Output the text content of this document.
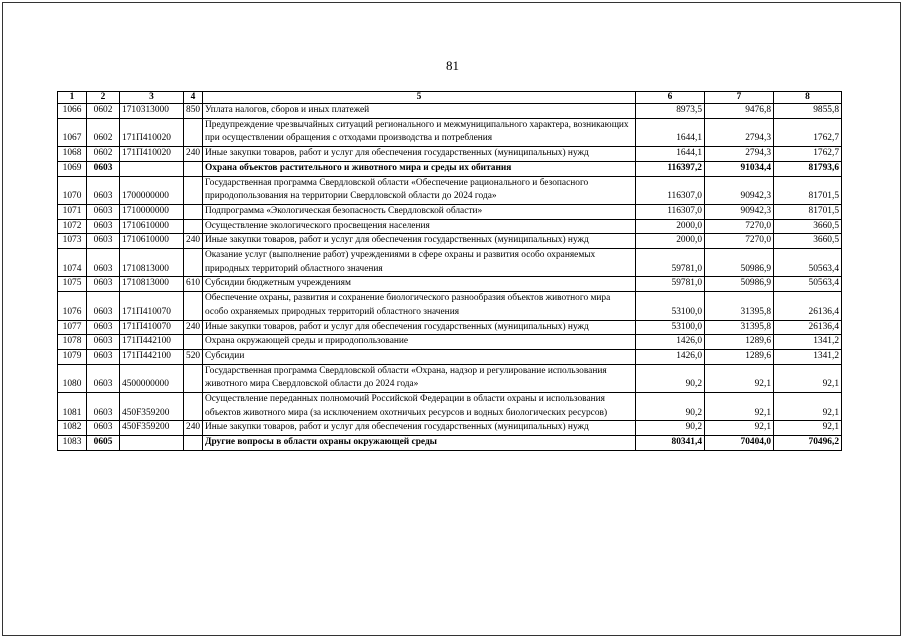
81
1	2	3	4	5	6	7	8
1066	0602	1710313000	850	Уплата налогов, сборов и иных платежей	8973,5	9476,8	9855,8
1067	0602	171П410020		Предупреждение чрезвычайных ситуаций регионального и межмуниципального характера, возникающих при осуществлении обращения с отходами производства и потребления	1644,1	2794,3	1762,7
1068	0602	171П410020	240	Иные закупки товаров, работ и услуг для обеспечения государственных (муниципальных) нужд	1644,1	2794,3	1762,7
1069	0603			Охрана объектов растительного и животного мира и среды их обитания	116397,2	91034,4	81793,6
1070	0603	1700000000		Государственная программа Свердловской области «Обеспечение рационального и безопасного природопользования на территории Свердловской области до 2024 года»	116307,0	90942,3	81701,5
1071	0603	1710000000		Подпрограмма «Экологическая безопасность Свердловской области»	116307,0	90942,3	81701,5
1072	0603	1710610000		Осуществление экологического просвещения населения	2000,0	7270,0	3660,5
1073	0603	1710610000	240	Иные закупки товаров, работ и услуг для обеспечения государственных (муниципальных) нужд	2000,0	7270,0	3660,5
1074	0603	1710813000		Оказание услуг (выполнение работ) учреждениями в сфере охраны и развития особо охраняемых природных территорий областного значения	59781,0	50986,9	50563,4
1075	0603	1710813000	610	Субсидии бюджетным учреждениям	59781,0	50986,9	50563,4
1076	0603	171П410070		Обеспечение охраны, развития и сохранение биологического разнообразия объектов животного мира особо охраняемых природных территорий областного значения	53100,0	31395,8	26136,4
1077	0603	171П410070	240	Иные закупки товаров, работ и услуг для обеспечения государственных (муниципальных) нужд	53100,0	31395,8	26136,4
1078	0603	171П442100		Охрана окружающей среды и природопользование	1426,0	1289,6	1341,2
1079	0603	171П442100	520	Субсидии	1426,0	1289,6	1341,2
1080	0603	4500000000		Государственная программа Свердловской области «Охрана, надзор и регулирование использования животного мира Свердловской области до 2024 года»	90,2	92,1	92,1
1081	0603	450F359200		Осуществление переданных полномочий Российской Федерации в области охраны и использования объектов животного мира (за исключением охотничьих ресурсов и водных биологических ресурсов)	90,2	92,1	92,1
1082	0603	450F359200	240	Иные закупки товаров, работ и услуг для обеспечения государственных (муниципальных) нужд	90,2	92,1	92,1
1083	0605			Другие вопросы в области охраны окружающей среды	80341,4	70404,0	70496,2
